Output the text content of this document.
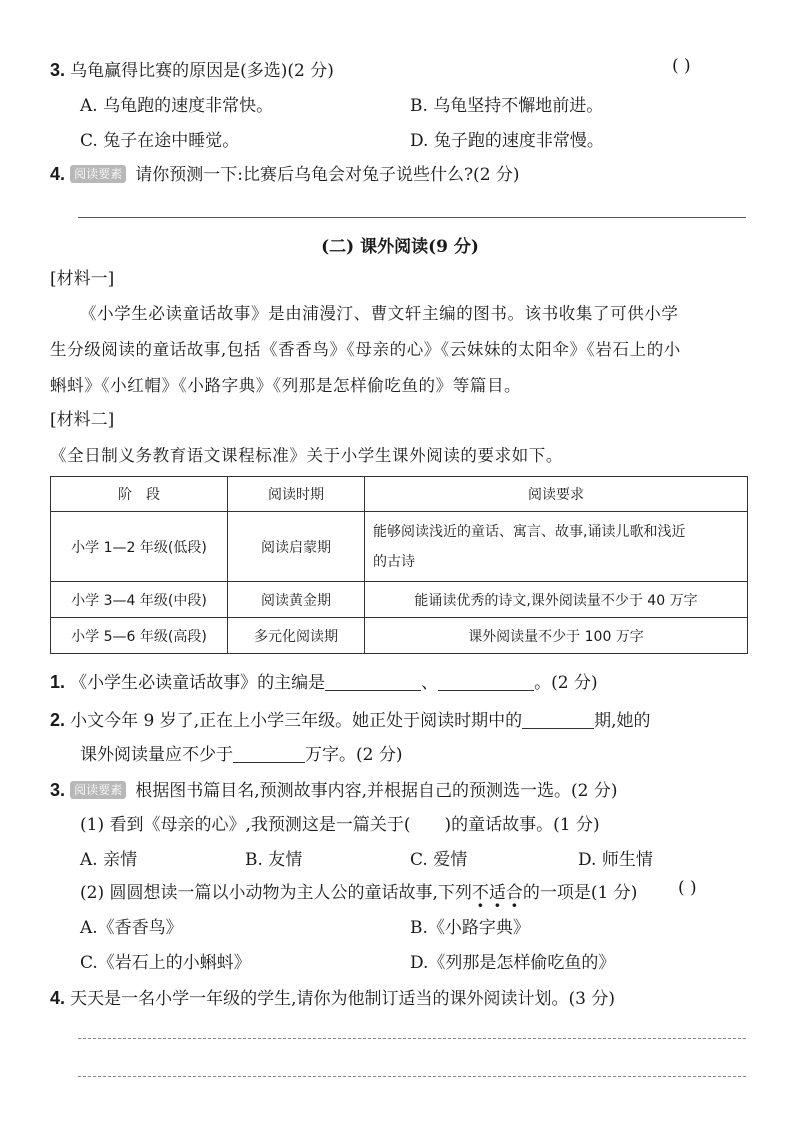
3. 乌龟赢得比赛的原因是(多选)(2 分)	( )
A. 乌龟跑的速度非常快。	B. 乌龟坚持不懈地前进。
C. 兔子在途中睡觉。	D. 兔子跑的速度非常慢。
4. 阅读要素 请你预测一下:比赛后乌龟会对兔子说些什么?(2 分)
(二) 课外阅读(9 分)
[材料一]
《小学生必读童话故事》是由浦漫汀、曹文轩主编的图书。该书收集了可供小学
生分级阅读的童话故事,包括《香香鸟》《母亲的心》《云妹妹的太阳伞》《岩石上的小
蝌蚪》《小红帽》《小路字典》《列那是怎样偷吃鱼的》等篇目。
[材料二]
《全日制义务教育语文课程标准》关于小学生课外阅读的要求如下。
阶　段	阅读时期	阅读要求
小学 1—2 年级(低段)	阅读启蒙期	能够阅读浅近的童话、寓言、故事,诵读儿歌和浅近
的古诗
小学 3—4 年级(中段)	阅读黄金期	能诵读优秀的诗文,课外阅读量不少于 40 万字
小学 5—6 年级(高段)	多元化阅读期	课外阅读量不少于 100 万字
1. 《小学生必读童话故事》的主编是	、	。(2 分)
2. 小文今年 9 岁了,正在上小学三年级。她正处于阅读时期中的	期,她的
课外阅读量应不少于	万字。(2 分)
3. 阅读要素 根据图书篇目名,预测故事内容,并根据自己的预测选一选。(2 分)
(1) 看到《母亲的心》,我预测这是一篇关于( )的童话故事。(1 分)
A. 亲情	B. 友情	C. 爱情	D. 师生情
(2) 圆圆想读一篇以小动物为主人公的童话故事,下列不适合的一项是(1 分) ( )
A.《香香鸟》	B.《小路字典》
C.《岩石上的小蝌蚪》	D.《列那是怎样偷吃鱼的》
4. 天天是一名小学一年级的学生,请你为他制订适当的课外阅读计划。(3 分)
